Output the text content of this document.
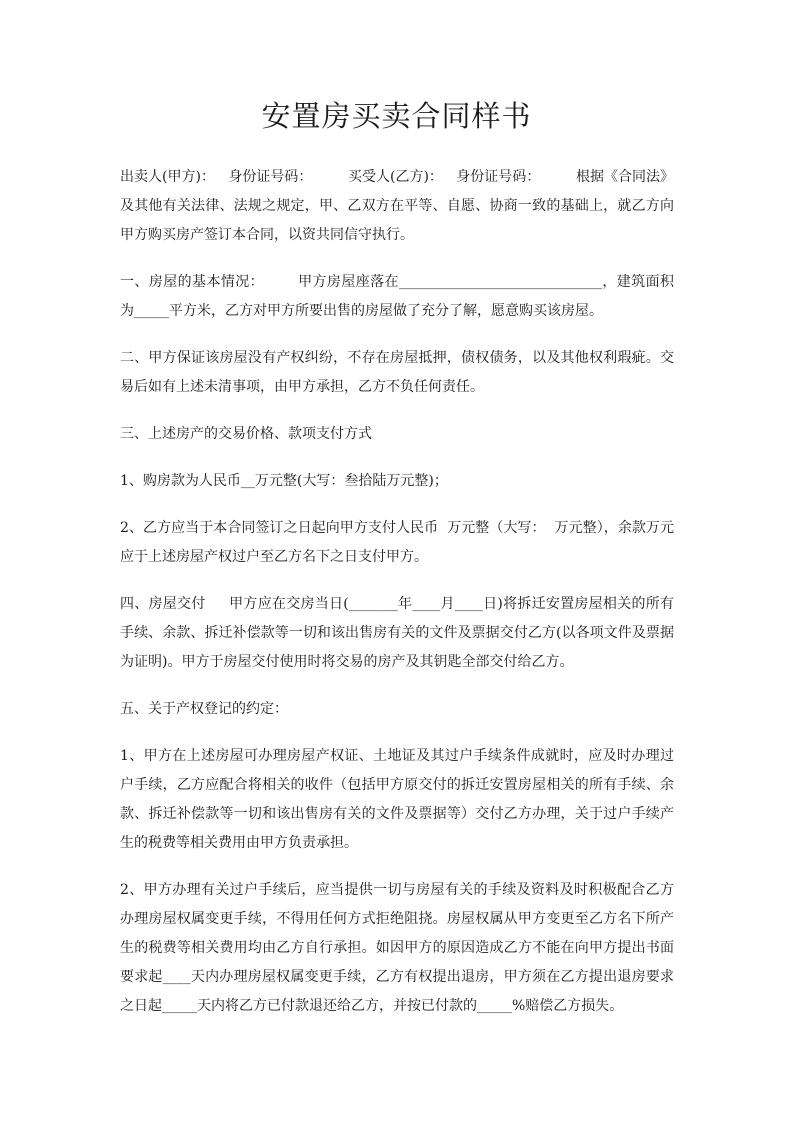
安置房买卖合同样书

出卖人(甲方)：   身份证号码：        买受人(乙方)：   身份证号码：        根据《合同法》及其他有关法律、法规之规定，甲、乙双方在平等、自愿、协商一致的基础上，就乙方向甲方购买房产签订本合同，以资共同信守执行。

一、房屋的基本情况：       甲方房屋座落在_____________________________，建筑面积为_____平方米，乙方对甲方所要出售的房屋做了充分了解，愿意购买该房屋。

二、甲方保证该房屋没有产权纠纷，不存在房屋抵押，债权债务，以及其他权利瑕疵。交易后如有上述未清事项，由甲方承担，乙方不负任何责任。

三、上述房产的交易价格、款项支付方式

1、购房款为人民币__万元整(大写：叁拾陆万元整)；

2、乙方应当于本合同签订之日起向甲方支付人民币  万元整（大写：  万元整），余款万元应于上述房屋产权过户至乙方名下之日支付甲方。

四、房屋交付     甲方应在交房当日(_______年____月____日)将拆迁安置房屋相关的所有手续、余款、拆迁补偿款等一切和该出售房有关的文件及票据交付乙方(以各项文件及票据为证明)。甲方于房屋交付使用时将交易的房产及其钥匙全部交付给乙方。

五、关于产权登记的约定：

1、甲方在上述房屋可办理房屋产权证、土地证及其过户手续条件成就时，应及时办理过户手续，乙方应配合将相关的收件（包括甲方原交付的拆迁安置房屋相关的所有手续、余款、拆迁补偿款等一切和该出售房有关的文件及票据等）交付乙方办理，关于过户手续产生的税费等相关费用由甲方负责承担。

2、甲方办理有关过户手续后，应当提供一切与房屋有关的手续及资料及时积极配合乙方办理房屋权属变更手续，不得用任何方式拒绝阻挠。房屋权属从甲方变更至乙方名下所产生的税费等相关费用均由乙方自行承担。如因甲方的原因造成乙方不能在向甲方提出书面要求起____天内办理房屋权属变更手续，乙方有权提出退房，甲方须在乙方提出退房要求之日起_____天内将乙方已付款退还给乙方，并按已付款的_____%赔偿乙方损失。
